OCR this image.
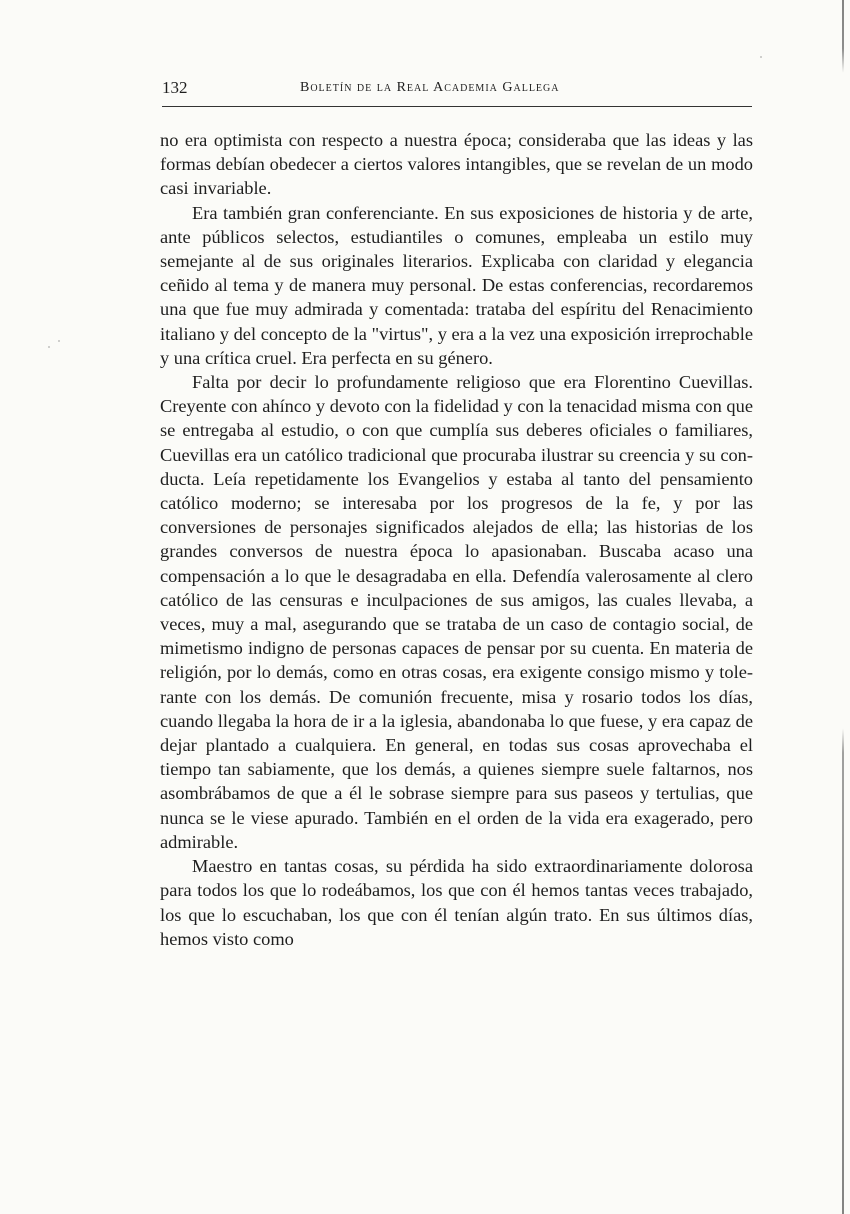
132	Boletín de la Real Academia Gallega

no era optimista con respecto a nuestra época; consideraba que las ideas y las formas debían obedecer a ciertos valores intangibles, que se revelan de un modo casi invariable.

Era también gran conferenciante. En sus exposiciones de historia y de arte, ante públicos selectos, estudiantiles o comunes, empleaba un estilo muy semejante al de sus originales literarios. Explicaba con claridad y elegancia ceñido al tema y de manera muy personal. De estas conferencias, recordaremos una que fue muy admirada y comentada: trataba del espíritu del Renacimiento italiano y del concepto de la "virtus", y era a la vez una exposición irreprochable y una crítica cruel. Era perfecta en su género.

Falta por decir lo profundamente religioso que era Florentino Cuevillas. Creyente con ahínco y devoto con la fidelidad y con la tenacidad misma con que se entregaba al estudio, o con que cumplía sus deberes oficiales o familiares, Cuevillas era un católico tradicional que procuraba ilustrar su creencia y su conducta. Leía repetidamente los Evangelios y estaba al tanto del pensamiento católico moderno; se interesaba por los progresos de la fe, y por las conversiones de personajes significados alejados de ella; las historias de los grandes conversos de nuestra época lo apasionaban. Buscaba acaso una compensación a lo que le desagradaba en ella. Defendía valerosamente al clero católico de las censuras e inculpaciones de sus amigos, las cuales llevaba, a veces, muy a mal, asegurando que se trataba de un caso de contagio social, de mimetismo indigno de personas capaces de pensar por su cuenta. En materia de religión, por lo demás, como en otras cosas, era exigente consigo mismo y tolerante con los demás. De comunión frecuente, misa y rosario todos los días, cuando llegaba la hora de ir a la iglesia, abandonaba lo que fuese, y era capaz de dejar plantado a cualquiera. En general, en todas sus cosas aprovechaba el tiempo tan sabiamente, que los demás, a quienes siempre suele faltarnos, nos asombrábamos de que a él le sobrase siempre para sus paseos y tertulias, que nunca se le viese apurado. También en el orden de la vida era exagerado, pero admirable.

Maestro en tantas cosas, su pérdida ha sido extraordinariamente dolorosa para todos los que lo rodeábamos, los que con él hemos tantas veces trabajado, los que lo escuchaban, los que con él tenían algún trato. En sus últimos días, hemos visto como
